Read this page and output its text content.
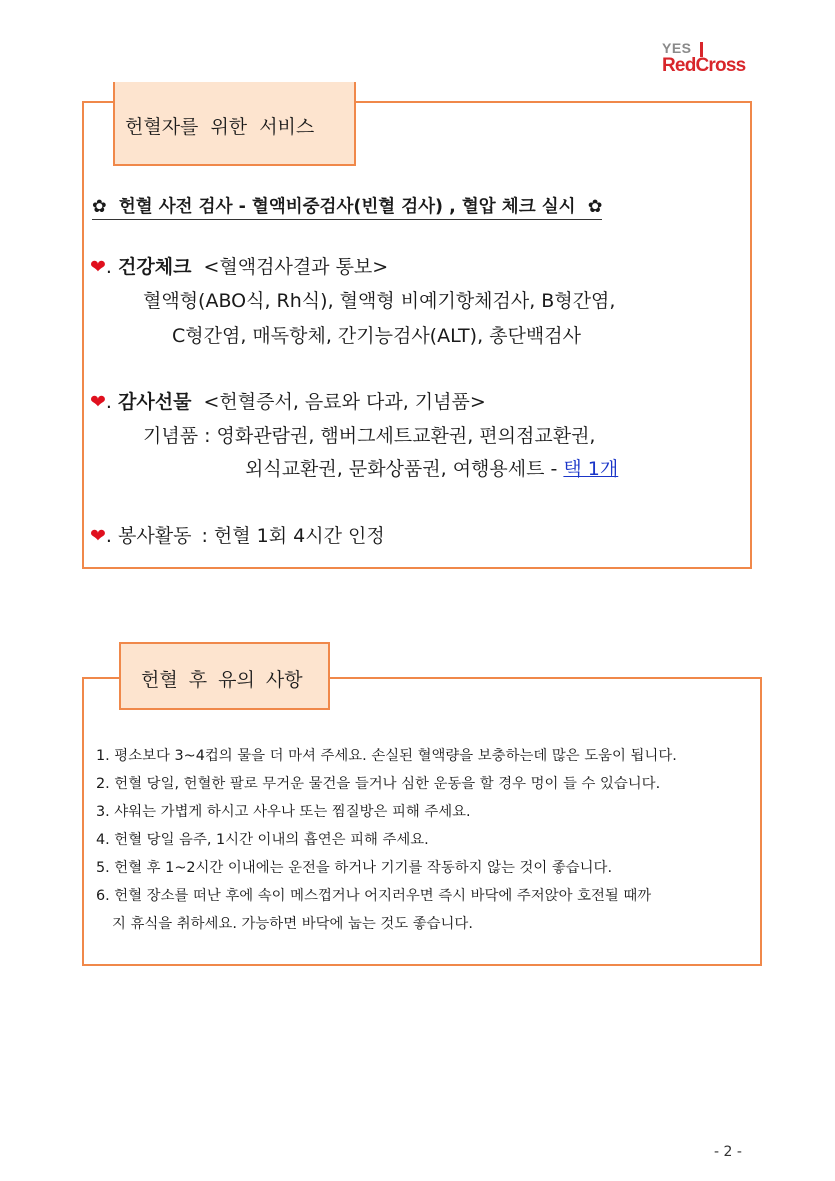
YES
RedCross
헌혈자를 위한 서비스
✿ 헌혈 사전 검사 - 혈액비중검사(빈혈 검사) , 혈압 체크 실시 ✿
❤. 건강체크 <혈액검사결과 통보>
혈액형(ABO식, Rh식), 혈액형 비예기항체검사, B형간염,
C형간염, 매독항체, 간기능검사(ALT), 총단백검사
❤. 감사선물 <헌혈증서, 음료와 다과, 기념품>
기념품 : 영화관람권, 햄버그세트교환권, 편의점교환권,
외식교환권, 문화상품권, 여행용세트 - 택 1개
❤. 봉사활동 : 헌혈 1회 4시간 인정
헌혈 후 유의 사항
1. 평소보다 3~4컵의 물을 더 마셔 주세요. 손실된 혈액량을 보충하는데 많은 도움이 됩니다.
2. 헌혈 당일, 헌혈한 팔로 무거운 물건을 들거나 심한 운동을 할 경우 멍이 들 수 있습니다.
3. 샤워는 가볍게 하시고 사우나 또는 찜질방은 피해 주세요.
4. 헌혈 당일 음주, 1시간 이내의 흡연은 피해 주세요.
5. 헌혈 후 1~2시간 이내에는 운전을 하거나 기기를 작동하지 않는 것이 좋습니다.
6. 헌혈 장소를 떠난 후에 속이 메스껍거나 어지러우면 즉시 바닥에 주저앉아 호전될 때까
지 휴식을 취하세요. 가능하면 바닥에 눕는 것도 좋습니다.
- 2 -
